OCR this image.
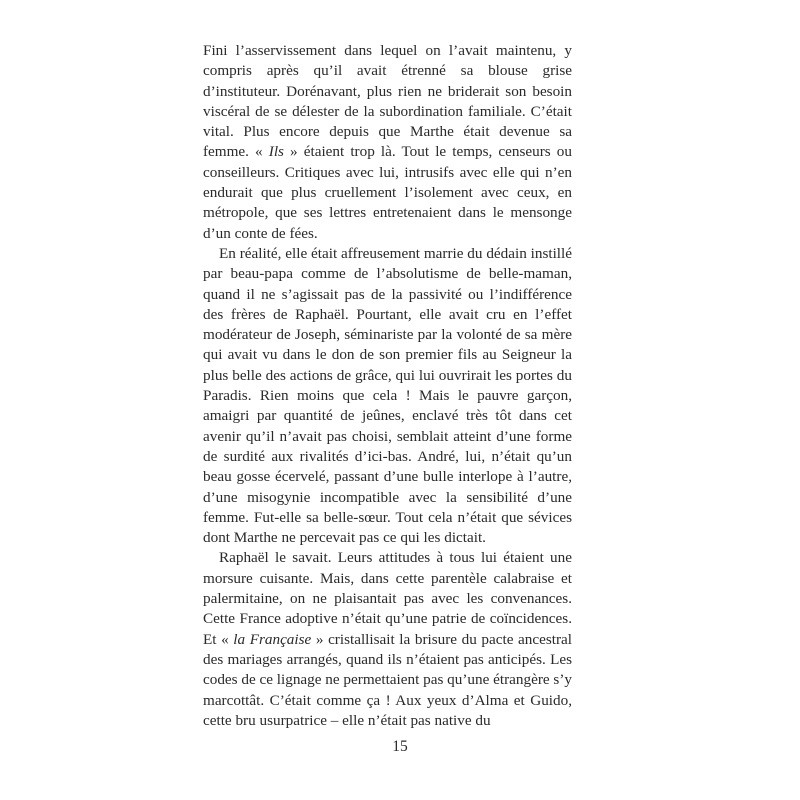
Fini l’asservissement dans lequel on l’avait maintenu, y compris après qu’il avait étrenné sa blouse grise d’instituteur. Dorénavant, plus rien ne briderait son besoin viscéral de se délester de la subordination familiale. C’était vital. Plus encore depuis que Marthe était devenue sa femme. « Ils » étaient trop là. Tout le temps, censeurs ou conseilleurs. Critiques avec lui, intrusifs avec elle qui n’en endurait que plus cruellement l’isolement avec ceux, en métropole, que ses lettres entretenaient dans le mensonge d’un conte de fées.

En réalité, elle était affreusement marrie du dédain instillé par beau-papa comme de l’absolutisme de belle-maman, quand il ne s’agissait pas de la passivité ou l’indifférence des frères de Raphaël. Pourtant, elle avait cru en l’effet modérateur de Joseph, séminariste par la volonté de sa mère qui avait vu dans le don de son premier fils au Seigneur la plus belle des actions de grâce, qui lui ouvrirait les portes du Paradis. Rien moins que cela ! Mais le pauvre garçon, amaigri par quantité de jeûnes, enclavé très tôt dans cet avenir qu’il n’avait pas choisi, semblait atteint d’une forme de surdité aux rivalités d’ici-bas. André, lui, n’était qu’un beau gosse écervelé, passant d’une bulle interlope à l’autre, d’une misogynie incompatible avec la sensibilité d’une femme. Fut-elle sa belle-sœur. Tout cela n’était que sévices dont Marthe ne percevait pas ce qui les dictait.

Raphaël le savait. Leurs attitudes à tous lui étaient une morsure cuisante. Mais, dans cette parentèle calabraise et palermitaine, on ne plaisantait pas avec les convenances. Cette France adoptive n’était qu’une patrie de coïncidences. Et « la Française » cristallisait la brisure du pacte ancestral des mariages arrangés, quand ils n’étaient pas anticipés. Les codes de ce lignage ne permettaient pas qu’une étrangère s’y marcottât. C’était comme ça ! Aux yeux d’Alma et Guido, cette bru usurpatrice – elle n’était pas native du

15
